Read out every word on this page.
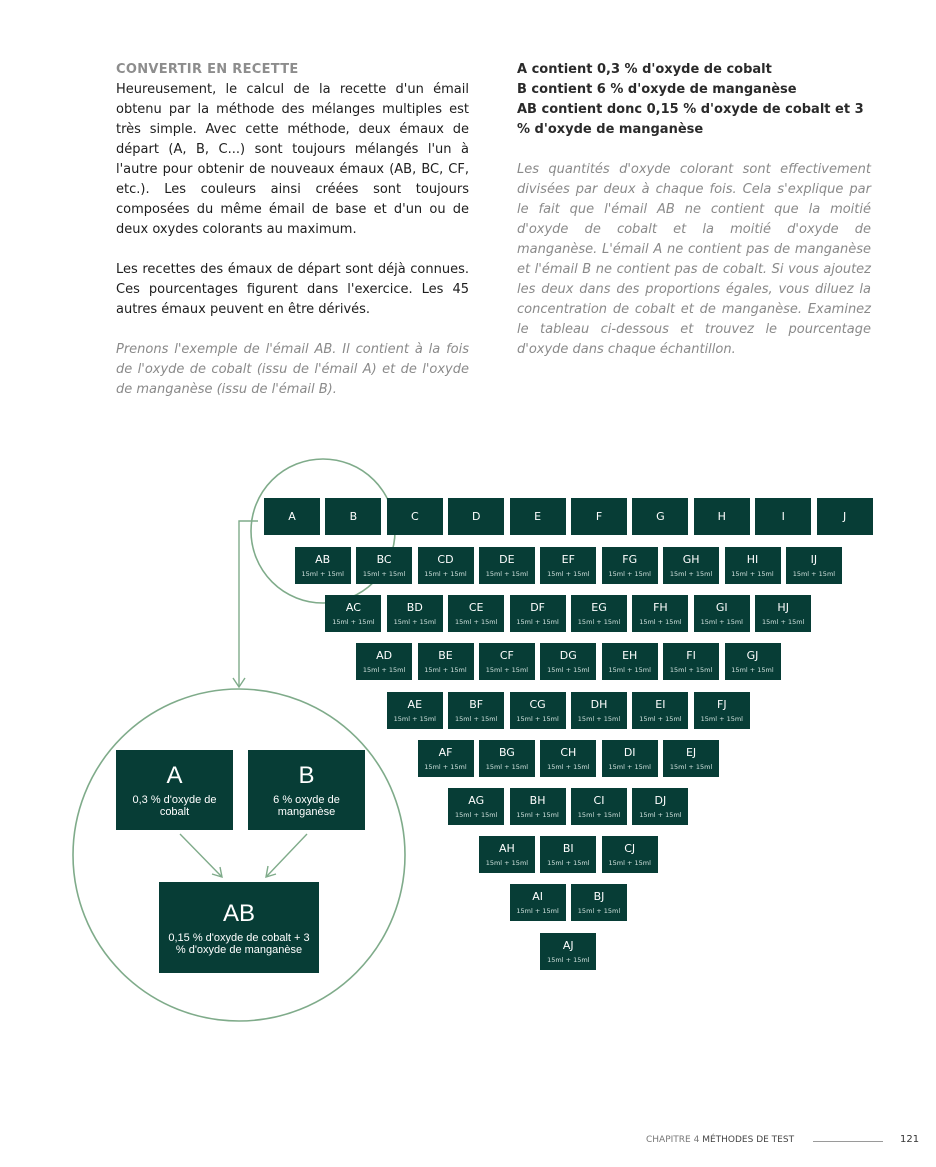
CONVERTIR EN RECETTE

Heureusement, le calcul de la recette d'un émail obtenu par la méthode des mélanges multiples est très simple. Avec cette méthode, deux émaux de départ (A, B, C...) sont toujours mélangés l'un à l'autre pour obtenir de nouveaux émaux (AB, BC, CF, etc.). Les couleurs ainsi créées sont toujours composées du même émail de base et d'un ou de deux oxydes colorants au maximum.

Les recettes des émaux de départ sont déjà connues. Ces pourcentages figurent dans l'exercice. Les 45 autres émaux peuvent en être dérivés.

Prenons l'exemple de l'émail AB. Il contient à la fois de l'oxyde de cobalt (issu de l'émail A) et de l'oxyde de manganèse (issu de l'émail B).

A contient 0,3 % d'oxyde de cobalt
B contient 6 % d'oxyde de manganèse
AB contient donc 0,15 % d'oxyde de cobalt et 3 % d'oxyde de manganèse

Les quantités d'oxyde colorant sont effectivement divisées par deux à chaque fois. Cela s'explique par le fait que l'émail AB ne contient que la moitié d'oxyde de cobalt et la moitié d'oxyde de manganèse. L'émail A ne contient pas de manganèse et l'émail B ne contient pas de cobalt. Si vous ajoutez les deux dans des proportions égales, vous diluez la concentration de cobalt et de manganèse. Examinez le tableau ci-dessous et trouvez le pourcentage d'oxyde dans chaque échantillon.

A	B	C	D	E	F	G	H	I	J
AB
15ml + 15ml
BC
15ml + 15ml
CD
15ml + 15ml
DE
15ml + 15ml
EF
15ml + 15ml
FG
15ml + 15ml
GH
15ml + 15ml
HI
15ml + 15ml
IJ
15ml + 15ml
AC
15ml + 15ml
BD
15ml + 15ml
CE
15ml + 15ml
DF
15ml + 15ml
EG
15ml + 15ml
FH
15ml + 15ml
GI
15ml + 15ml
HJ
15ml + 15ml
AD
15ml + 15ml
BE
15ml + 15ml
CF
15ml + 15ml
DG
15ml + 15ml
EH
15ml + 15ml
FI
15ml + 15ml
GJ
15ml + 15ml
AE
15ml + 15ml
BF
15ml + 15ml
CG
15ml + 15ml
DH
15ml + 15ml
EI
15ml + 15ml
FJ
15ml + 15ml
AF
15ml + 15ml
BG
15ml + 15ml
CH
15ml + 15ml
DI
15ml + 15ml
EJ
15ml + 15ml
AG
15ml + 15ml
BH
15ml + 15ml
CI
15ml + 15ml
DJ
15ml + 15ml
AH
15ml + 15ml
BI
15ml + 15ml
CJ
15ml + 15ml
AI
15ml + 15ml
BJ
15ml + 15ml
AJ
15ml + 15ml
A
0,3 % d'oxyde de cobalt
B
6 % oxyde de manganèse
AB
0,15 % d'oxyde de cobalt + 3 % d'oxyde de manganèse
CHAPITRE 4 MÉTHODES DE TEST	121
